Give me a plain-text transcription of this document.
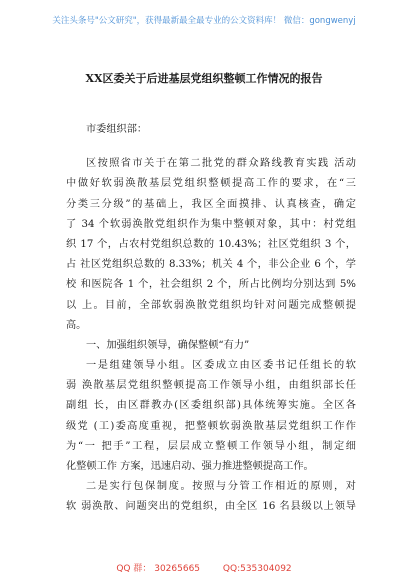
关注头条号"公文研究"，获得最新最全最专业的公文资料库！ 微信：gongwenyj
XX区委关于后进基层党组织整顿工作情况的报告
市委组织部：
区按照省市关于在第二批党的群众路线教育实践 活动
中做好软弱涣散基层党组织整顿提高工作的要求，在“三
分类三分级”的基础上，我区全面摸排、认真核查，确定
了 34 个软弱涣散党组织作为集中整顿对象，其中：村党组
织 17 个，占农村党组织总数的 10.43%；社区党组织 3 个，
占 社区党组织总数的 8.33%；机关 4 个，非公企业 6 个，学
校 和医院各 1 个，社会组织 2 个，所占比例均分别达到 5%
以 上。目前，全部软弱涣散党组织均针对问题完成整顿提
高。
一、加强组织领导，确保整顿“有力”
一是组建领导小组。区委成立由区委书记任组长的软
弱 涣散基层党组织整顿提高工作领导小组，由组织部长任
副组 长，由区群教办(区委组织部)具体统筹实施。全区各
级党 (工)委高度重视，把整顿软弱涣散基层党组织工作作
为“一 把手”工程，层层成立整顿工作领导小组，制定细
化整顿工作 方案，迅速启动、强力推进整顿提高工作。
二是实行包保制度。按照与分管工作相近的原则，对
软 弱涣散、问题突出的党组织，由全区 16 名县级以上领导
QQ 群： 30265665	QQ:535304092
